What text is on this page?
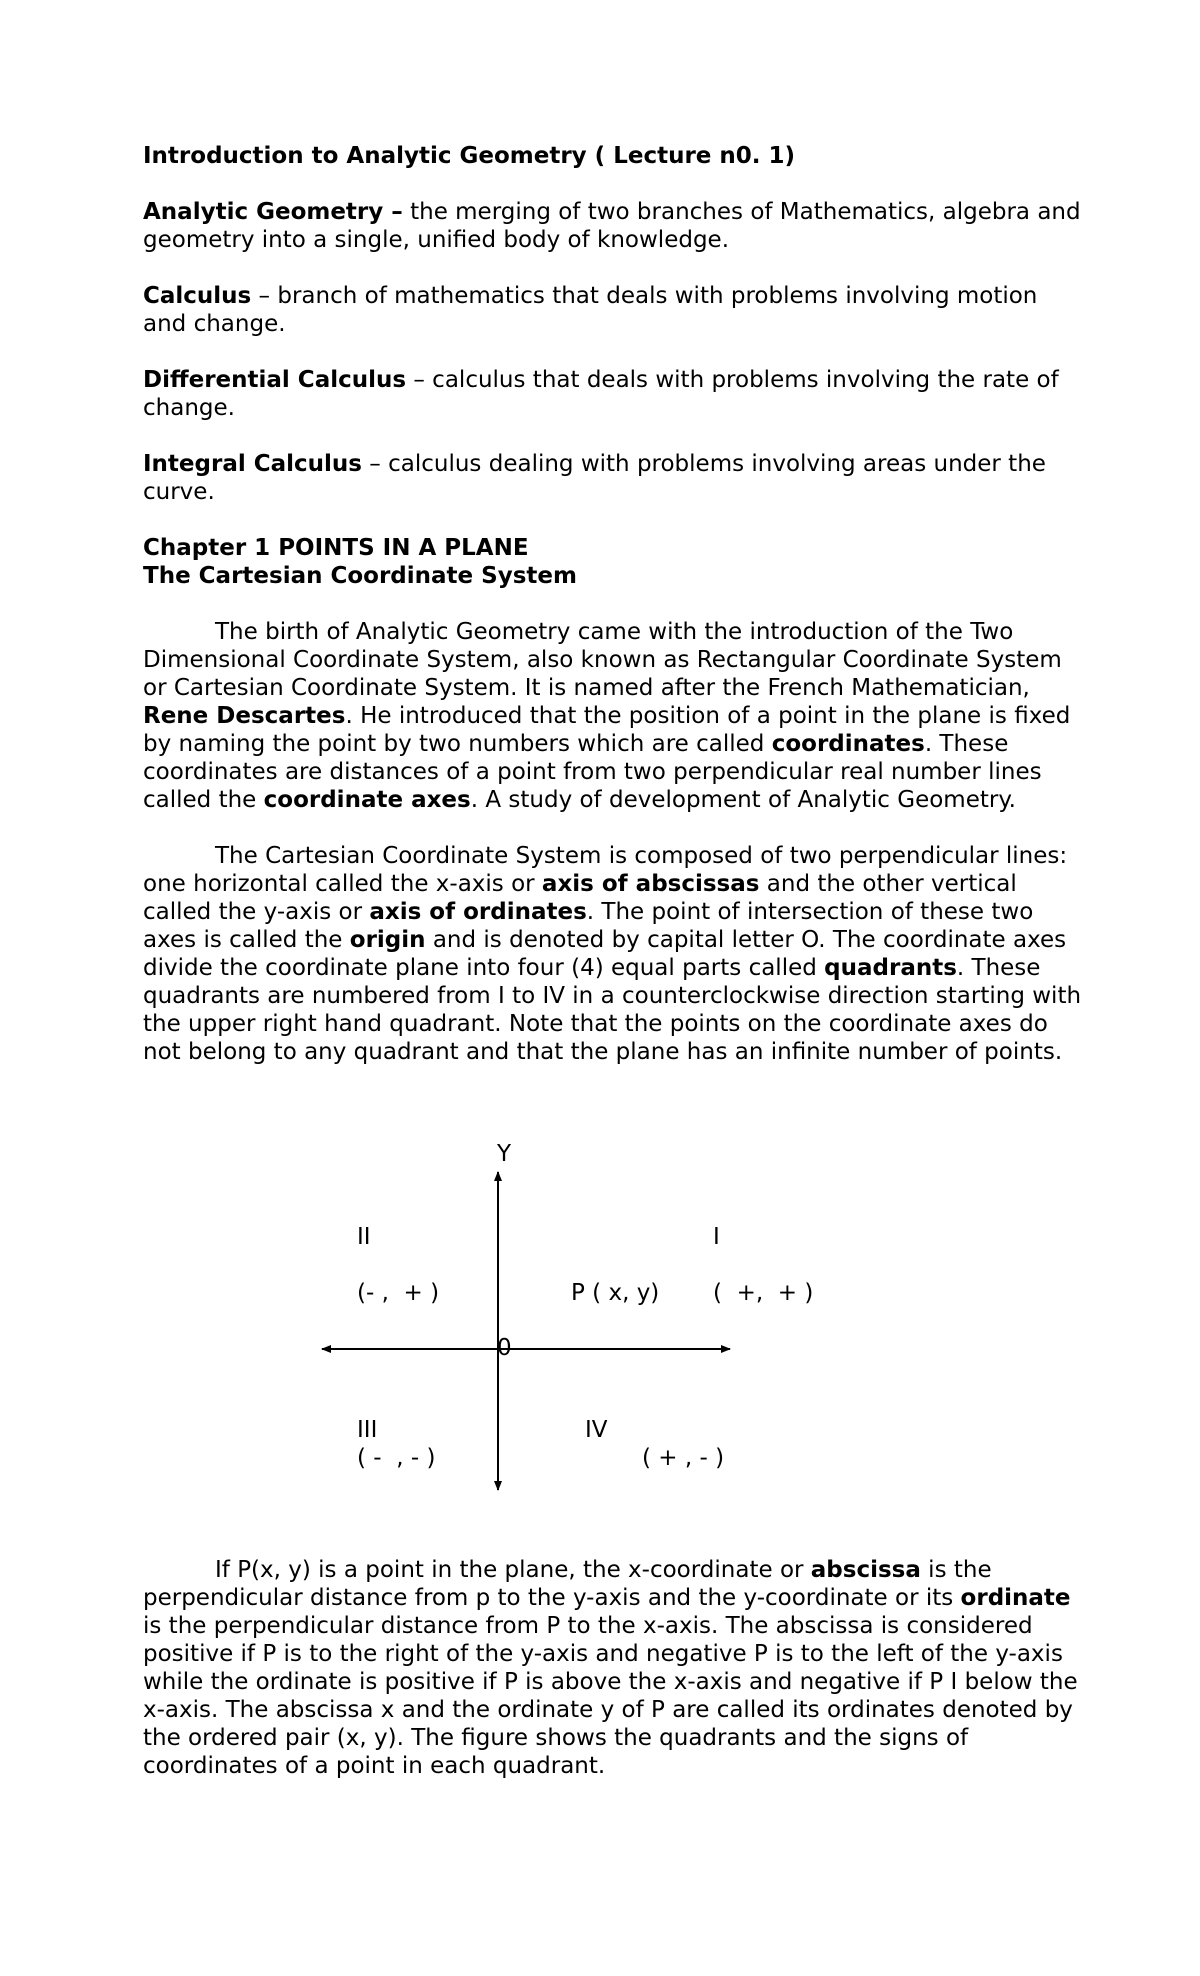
Introduction to Analytic Geometry ( Lecture n0. 1)

Analytic Geometry – the merging of two branches of Mathematics, algebra and geometry into a single, unified body of knowledge.

Calculus – branch of mathematics that deals with problems involving motion and change.

Differential Calculus – calculus that deals with problems involving the rate of change.

Integral Calculus – calculus dealing with problems involving areas under the curve.

Chapter 1 POINTS IN A PLANE

The Cartesian Coordinate System

The birth of Analytic Geometry came with the introduction of the Two Dimensional Coordinate System, also known as Rectangular Coordinate System or Cartesian Coordinate System. It is named after the French Mathematician, Rene Descartes. He introduced that the position of a point in the plane is fixed by naming the point by two numbers which are called coordinates. These coordinates are distances of a point from two perpendicular real number lines called the coordinate axes. A study of development of Analytic Geometry.

The Cartesian Coordinate System is composed of two perpendicular lines: one horizontal called the x-axis or axis of abscissas and the other vertical called the y-axis or axis of ordinates. The point of intersection of these two axes is called the origin and is denoted by capital letter O. The coordinate axes divide the coordinate plane into four (4) equal parts called quadrants. These quadrants are numbered from I to IV in a counterclockwise direction starting with the upper right hand quadrant. Note that the points on the coordinate axes do not belong to any quadrant and that the plane has an infinite number of points.

Y
0
I
(  +,  + )
P ( x, y)
II
(- ,  + )
III
( -  , - )
IV
( + , - )

If P(x, y) is a point in the plane, the x-coordinate or abscissa is the perpendicular distance from p to the y-axis and the y-coordinate or its ordinate is the perpendicular distance from P to the x-axis. The abscissa is considered positive if P is to the right of the y-axis and negative P is to the left of the y-axis while the ordinate is positive if P is above the x-axis and negative if P I below the x-axis. The abscissa x and the ordinate y of P are called its ordinates denoted by the ordered pair (x, y). The figure shows the quadrants and the signs of coordinates of a point in each quadrant.
